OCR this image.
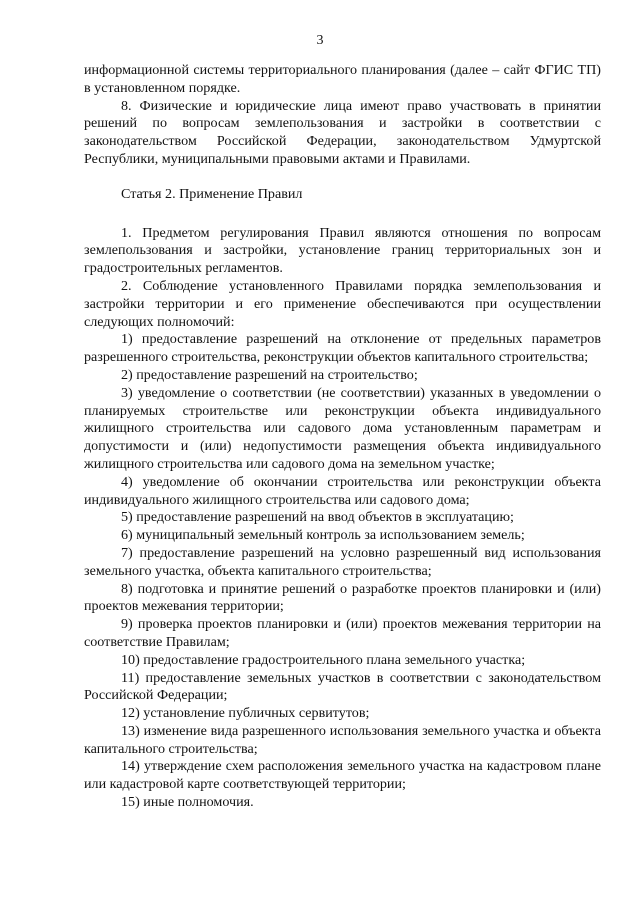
3

информационной системы территориального планирования (далее – сайт ФГИС ТП) в установленном порядке.

8. Физические и юридические лица имеют право участвовать в принятии решений по вопросам землепользования и застройки в соответствии с законодательством Российской Федерации, законодательством Удмуртской Республики, муниципальными правовыми актами и Правилами.

Статья 2. Применение Правил

1. Предметом регулирования Правил являются отношения по вопросам землепользования и застройки, установление границ территориальных зон и градостроительных регламентов.

2. Соблюдение установленного Правилами порядка землепользования и застройки территории и его применение обеспечиваются при осуществлении следующих полномочий:

1) предоставление разрешений на отклонение от предельных параметров разрешенного строительства, реконструкции объектов капитального строительства;

2) предоставление разрешений на строительство;

3) уведомление о соответствии (не соответствии) указанных в уведомлении о планируемых строительстве или реконструкции объекта индивидуального жилищного строительства или садового дома установленным параметрам и допустимости и (или) недопустимости размещения объекта индивидуального жилищного строительства или садового дома на земельном участке;

4) уведомление об окончании строительства или реконструкции объекта индивидуального жилищного строительства или садового дома;

5) предоставление разрешений на ввод объектов в эксплуатацию;

6) муниципальный земельный контроль за использованием земель;

7) предоставление разрешений на условно разрешенный вид использования земельного участка, объекта капитального строительства;

8) подготовка и принятие решений о разработке проектов планировки и (или) проектов межевания территории;

9) проверка проектов планировки и (или) проектов межевания территории на соответствие Правилам;

10) предоставление градостроительного плана земельного участка;

11) предоставление земельных участков в соответствии с законодательством Российской Федерации;

12) установление публичных сервитутов;

13) изменение вида разрешенного использования земельного участка и объекта капитального строительства;

14) утверждение схем расположения земельного участка на кадастровом плане или кадастровой карте соответствующей территории;

15) иные полномочия.
